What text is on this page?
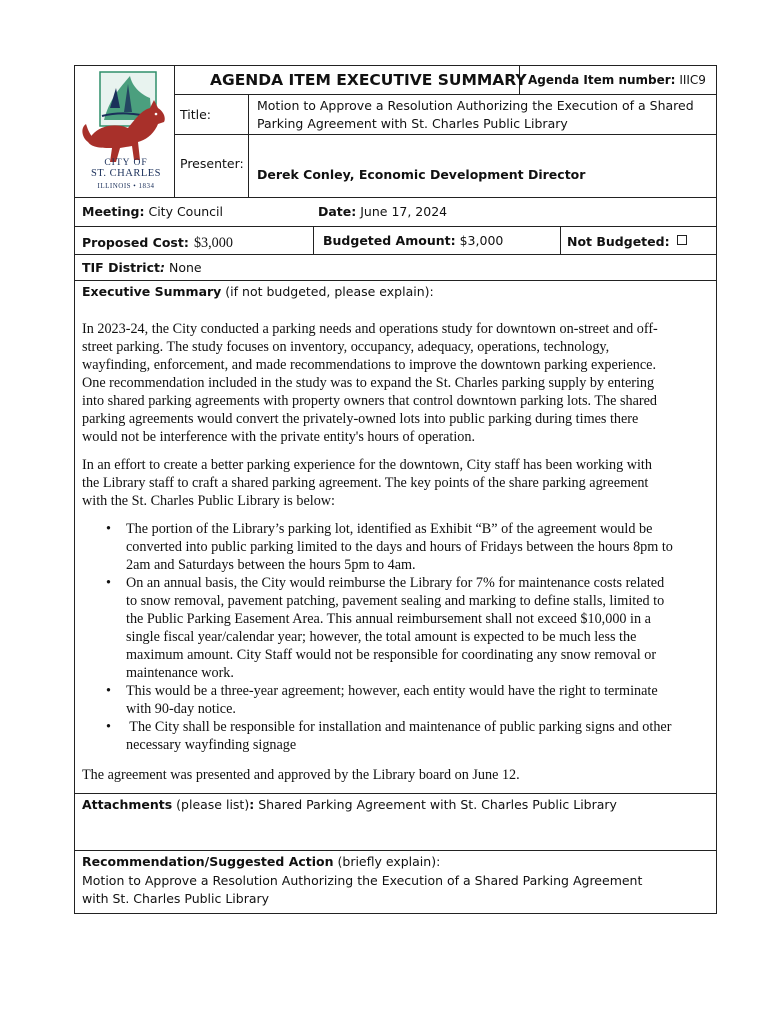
CITY OF
ST. CHARLES
ILLINOIS • 1834
AGENDA ITEM EXECUTIVE SUMMARY Agenda Item number: IIIC9
Title:
Motion to Approve a Resolution Authorizing the Execution of a Shared
Parking Agreement with St. Charles Public Library
Presenter:
Derek Conley, Economic Development Director
Meeting: City Council	Date: June 17, 2024
Proposed Cost: $3,000	Budgeted Amount: $3,000	Not Budgeted:
TIF District: None
Executive Summary (if not budgeted, please explain):
In 2023-24, the City conducted a parking needs and operations study for downtown on-street and off-
street parking. The study focuses on inventory, occupancy, adequacy, operations, technology,
wayfinding, enforcement, and made recommendations to improve the downtown parking experience.
One recommendation included in the study was to expand the St. Charles parking supply by entering
into shared parking agreements with property owners that control downtown parking lots. The shared
parking agreements would convert the privately-owned lots into public parking during times there
would not be interference with the private entity's hours of operation.
In an effort to create a better parking experience for the downtown, City staff has been working with
the Library staff to craft a shared parking agreement. The key points of the share parking agreement
with the St. Charles Public Library is below:
• The portion of the Library’s parking lot, identified as Exhibit “B” of the agreement would be
converted into public parking limited to the days and hours of Fridays between the hours 8pm to
2am and Saturdays between the hours 5pm to 4am.
• On an annual basis, the City would reimburse the Library for 7% for maintenance costs related
to snow removal, pavement patching, pavement sealing and marking to define stalls, limited to
the Public Parking Easement Area. This annual reimbursement shall not exceed $10,000 in a
single fiscal year/calendar year; however, the total amount is expected to be much less the
maximum amount. City Staff would not be responsible for coordinating any snow removal or
maintenance work.
• This would be a three-year agreement; however, each entity would have the right to terminate
with 90-day notice.
•  The City shall be responsible for installation and maintenance of public parking signs and other
necessary wayfinding signage
The agreement was presented and approved by the Library board on June 12.
Attachments (please list): Shared Parking Agreement with St. Charles Public Library
Recommendation/Suggested Action (briefly explain):
Motion to Approve a Resolution Authorizing the Execution of a Shared Parking Agreement
with St. Charles Public Library
